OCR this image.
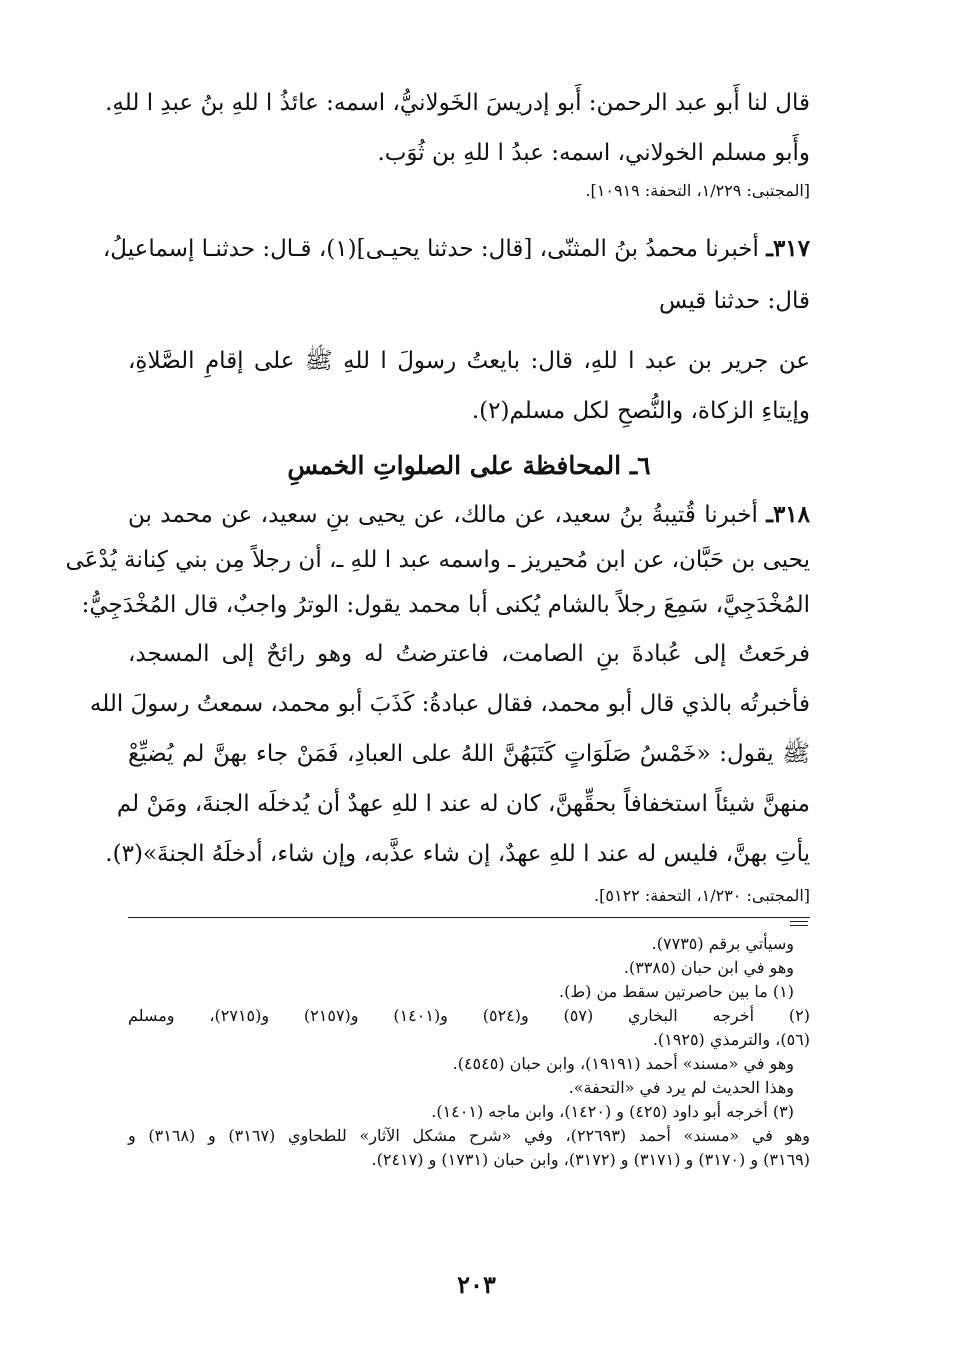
قال لنا أَبو عبد الرحمن: أَبو إدريسَ الخَولانيُّ، اسمه: عائذُ ا للهِ بنُ عبدِ ا للهِ.
وأَبو مسلم الخولاني، اسمه: عبدُ ا للهِ بن ثُوَب.
[المجتبى: ١/٢٢٩، التحفة: ١٠٩١٩].
٣١٧ـ أخبرنا محمدُ بنُ المثنّى، [قال: حدثنا يحيـى](١)، قـال: حدثنـا إسماعيلُ،
قال: حدثنا قيس
عن جرير بن عبد ا للهِ، قال: بايعتُ رسولَ ا للهِ ﷺ على إقامِ الصَّلاةِ،
وإيتاءِ الزكاة، والنُّصحِ لكل مسلم(٢).
٦ـ المحافظة على الصلواتِ الخمسِ
٣١٨ـ أخبرنا قُتيبةُ بنُ سعيد، عن مالك، عن يحيى بنِ سعيد، عن محمد بن
يحيى بن حَبَّان، عن ابن مُحيريز ـ واسمه عبد ا للهِ ـ، أن رجلاً مِن بني كِنانة يُدْعَى
المُخْدَجِيَّ، سَمِعَ رجلاً بالشام يُكنى أبا محمد يقول: الوترُ واجبٌ، قال المُخْدَجِيُّ:
فرحَعتُ إلى عُبادةَ بنِ الصامت، فاعترضتُ له وهو رائحٌ إلى المسجد،
فأخبرتُه بالذي قال أبو محمد، فقال عبادةُ: كَذَبَ أبو محمد، سمعتُ رسولَ الله
ﷺ يقول: «خَمْسُ صَلَوَاتٍ كَتَبَهُنَّ اللهُ على العبادِ، فَمَنْ جاء بهنَّ لم يُضيِّعْ
منهنَّ شيئاً استخفافاً بحقِّهنَّ، كان له عند ا للهِ عهدٌ أن يُدخلَه الجنةَ، ومَنْ لم
يأتِ بهنَّ، فليس له عند ا للهِ عهدٌ، إن شاء عذَّبه، وإن شاء، أدخلَهُ الجنةَ»(٣).
[المجتبى: ١/٢٣٠، التحفة: ٥١٢٢].
وسيأتي برقم (٧٧٣٥).
وهو في ابن حبان (٣٣٨٥).
(١) ما بين حاصرتين سقط من (ط).
(٢) أخرجه البخاري (٥٧) و(٥٢٤) و(١٤٠١) و(٢١٥٧) و(٢٧١٥)، ومسلم
(٥٦)، والترمذي (١٩٢٥).
وهو في «مسند» أحمد (١٩١٩١)، وابن حبان (٤٥٤٥).
وهذا الحديث لم يرد في «التحفة».
(٣) أخرجه أبو داود (٤٢٥) و (١٤٢٠)، وابن ماجه (١٤٠١).
وهو في «مسند» أحمد (٢٢٦٩٣)، وفي «شرح مشكل الآثار» للطحاوي (٣١٦٧) و (٣١٦٨) و
(٣١٦٩) و (٣١٧٠) و (٣١٧١) و (٣١٧٢)، وابن حبان (١٧٣١) و (٢٤١٧).
٢٠٣
